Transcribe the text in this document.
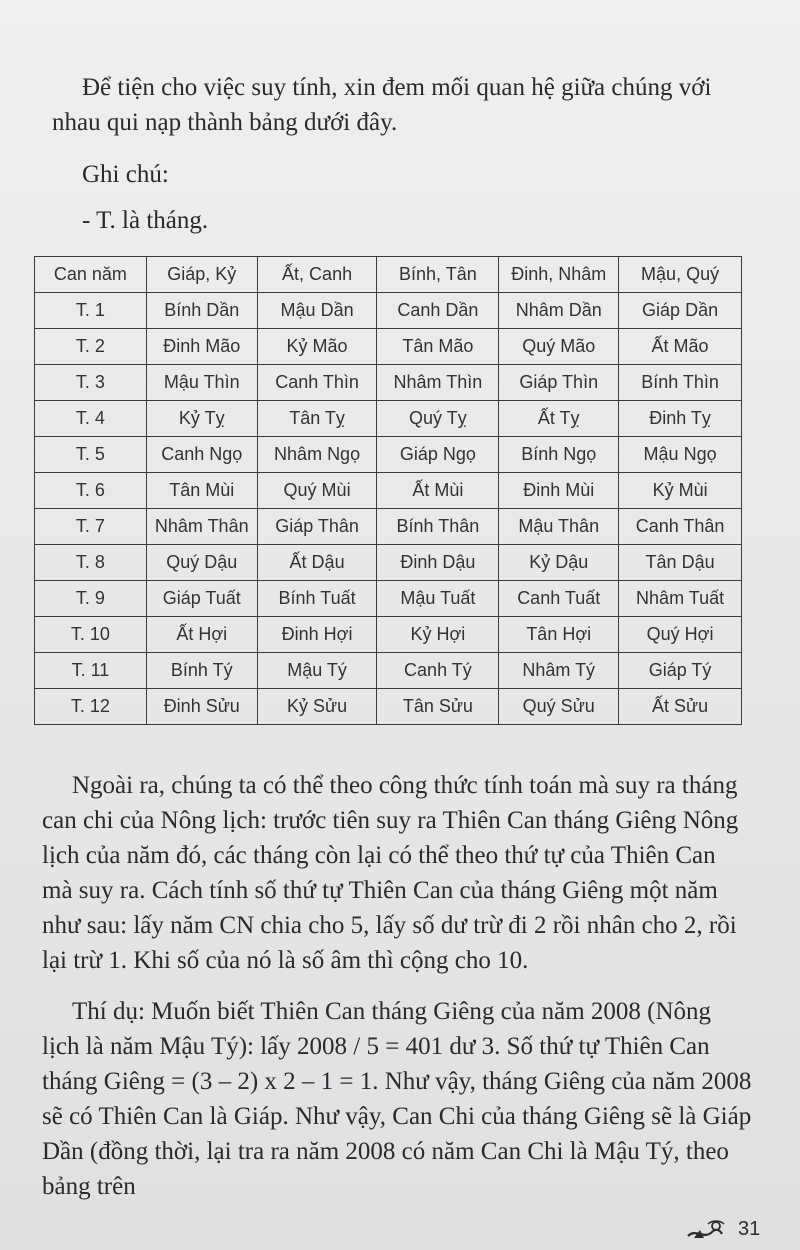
Để tiện cho việc suy tính, xin đem mối quan hệ giữa chúng với nhau qui nạp thành bảng dưới đây.

Ghi chú:

- T. là tháng.

Can năm	Giáp, Kỷ	Ất, Canh	Bính, Tân	Đinh, Nhâm	Mậu, Quý
T. 1	Bính Dần	Mậu Dần	Canh Dần	Nhâm Dần	Giáp Dần
T. 2	Đinh Mão	Kỷ Mão	Tân Mão	Quý Mão	Ất Mão
T. 3	Mậu Thìn	Canh Thìn	Nhâm Thìn	Giáp Thìn	Bính Thìn
T. 4	Kỷ Tỵ	Tân Tỵ	Quý Tỵ	Ất Tỵ	Đinh Tỵ
T. 5	Canh Ngọ	Nhâm Ngọ	Giáp Ngọ	Bính Ngọ	Mậu Ngọ
T. 6	Tân Mùi	Quý Mùi	Ất Mùi	Đinh Mùi	Kỷ Mùi
T. 7	Nhâm Thân	Giáp Thân	Bính Thân	Mậu Thân	Canh Thân
T. 8	Quý Dậu	Ất Dậu	Đinh Dậu	Kỷ Dậu	Tân Dậu
T. 9	Giáp Tuất	Bính Tuất	Mậu Tuất	Canh Tuất	Nhâm Tuất
T. 10	Ất Hợi	Đinh Hợi	Kỷ Hợi	Tân Hợi	Quý Hợi
T. 11	Bính Tý	Mậu Tý	Canh Tý	Nhâm Tý	Giáp Tý
T. 12	Đinh Sửu	Kỷ Sửu	Tân Sửu	Quý Sửu	Ất Sửu

Ngoài ra, chúng ta có thể theo công thức tính toán mà suy ra tháng can chi của Nông lịch: trước tiên suy ra Thiên Can tháng Giêng Nông lịch của năm đó, các tháng còn lại có thể theo thứ tự của Thiên Can mà suy ra. Cách tính số thứ tự Thiên Can của tháng Giêng một năm như sau: lấy năm CN chia cho 5, lấy số dư trừ đi 2 rồi nhân cho 2, rồi lại trừ 1. Khi số của nó là số âm thì cộng cho 10.

Thí dụ: Muốn biết Thiên Can tháng Giêng của năm 2008 (Nông lịch là năm Mậu Tý): lấy 2008 / 5 = 401 dư 3. Số thứ tự Thiên Can tháng Giêng = (3 – 2) x 2 – 1 = 1. Như vậy, tháng Giêng của năm 2008 sẽ có Thiên Can là Giáp. Như vậy, Can Chi của tháng Giêng sẽ là Giáp Dần (đồng thời, lại tra ra năm 2008 có năm Can Chi là Mậu Tý, theo bảng trên

31
